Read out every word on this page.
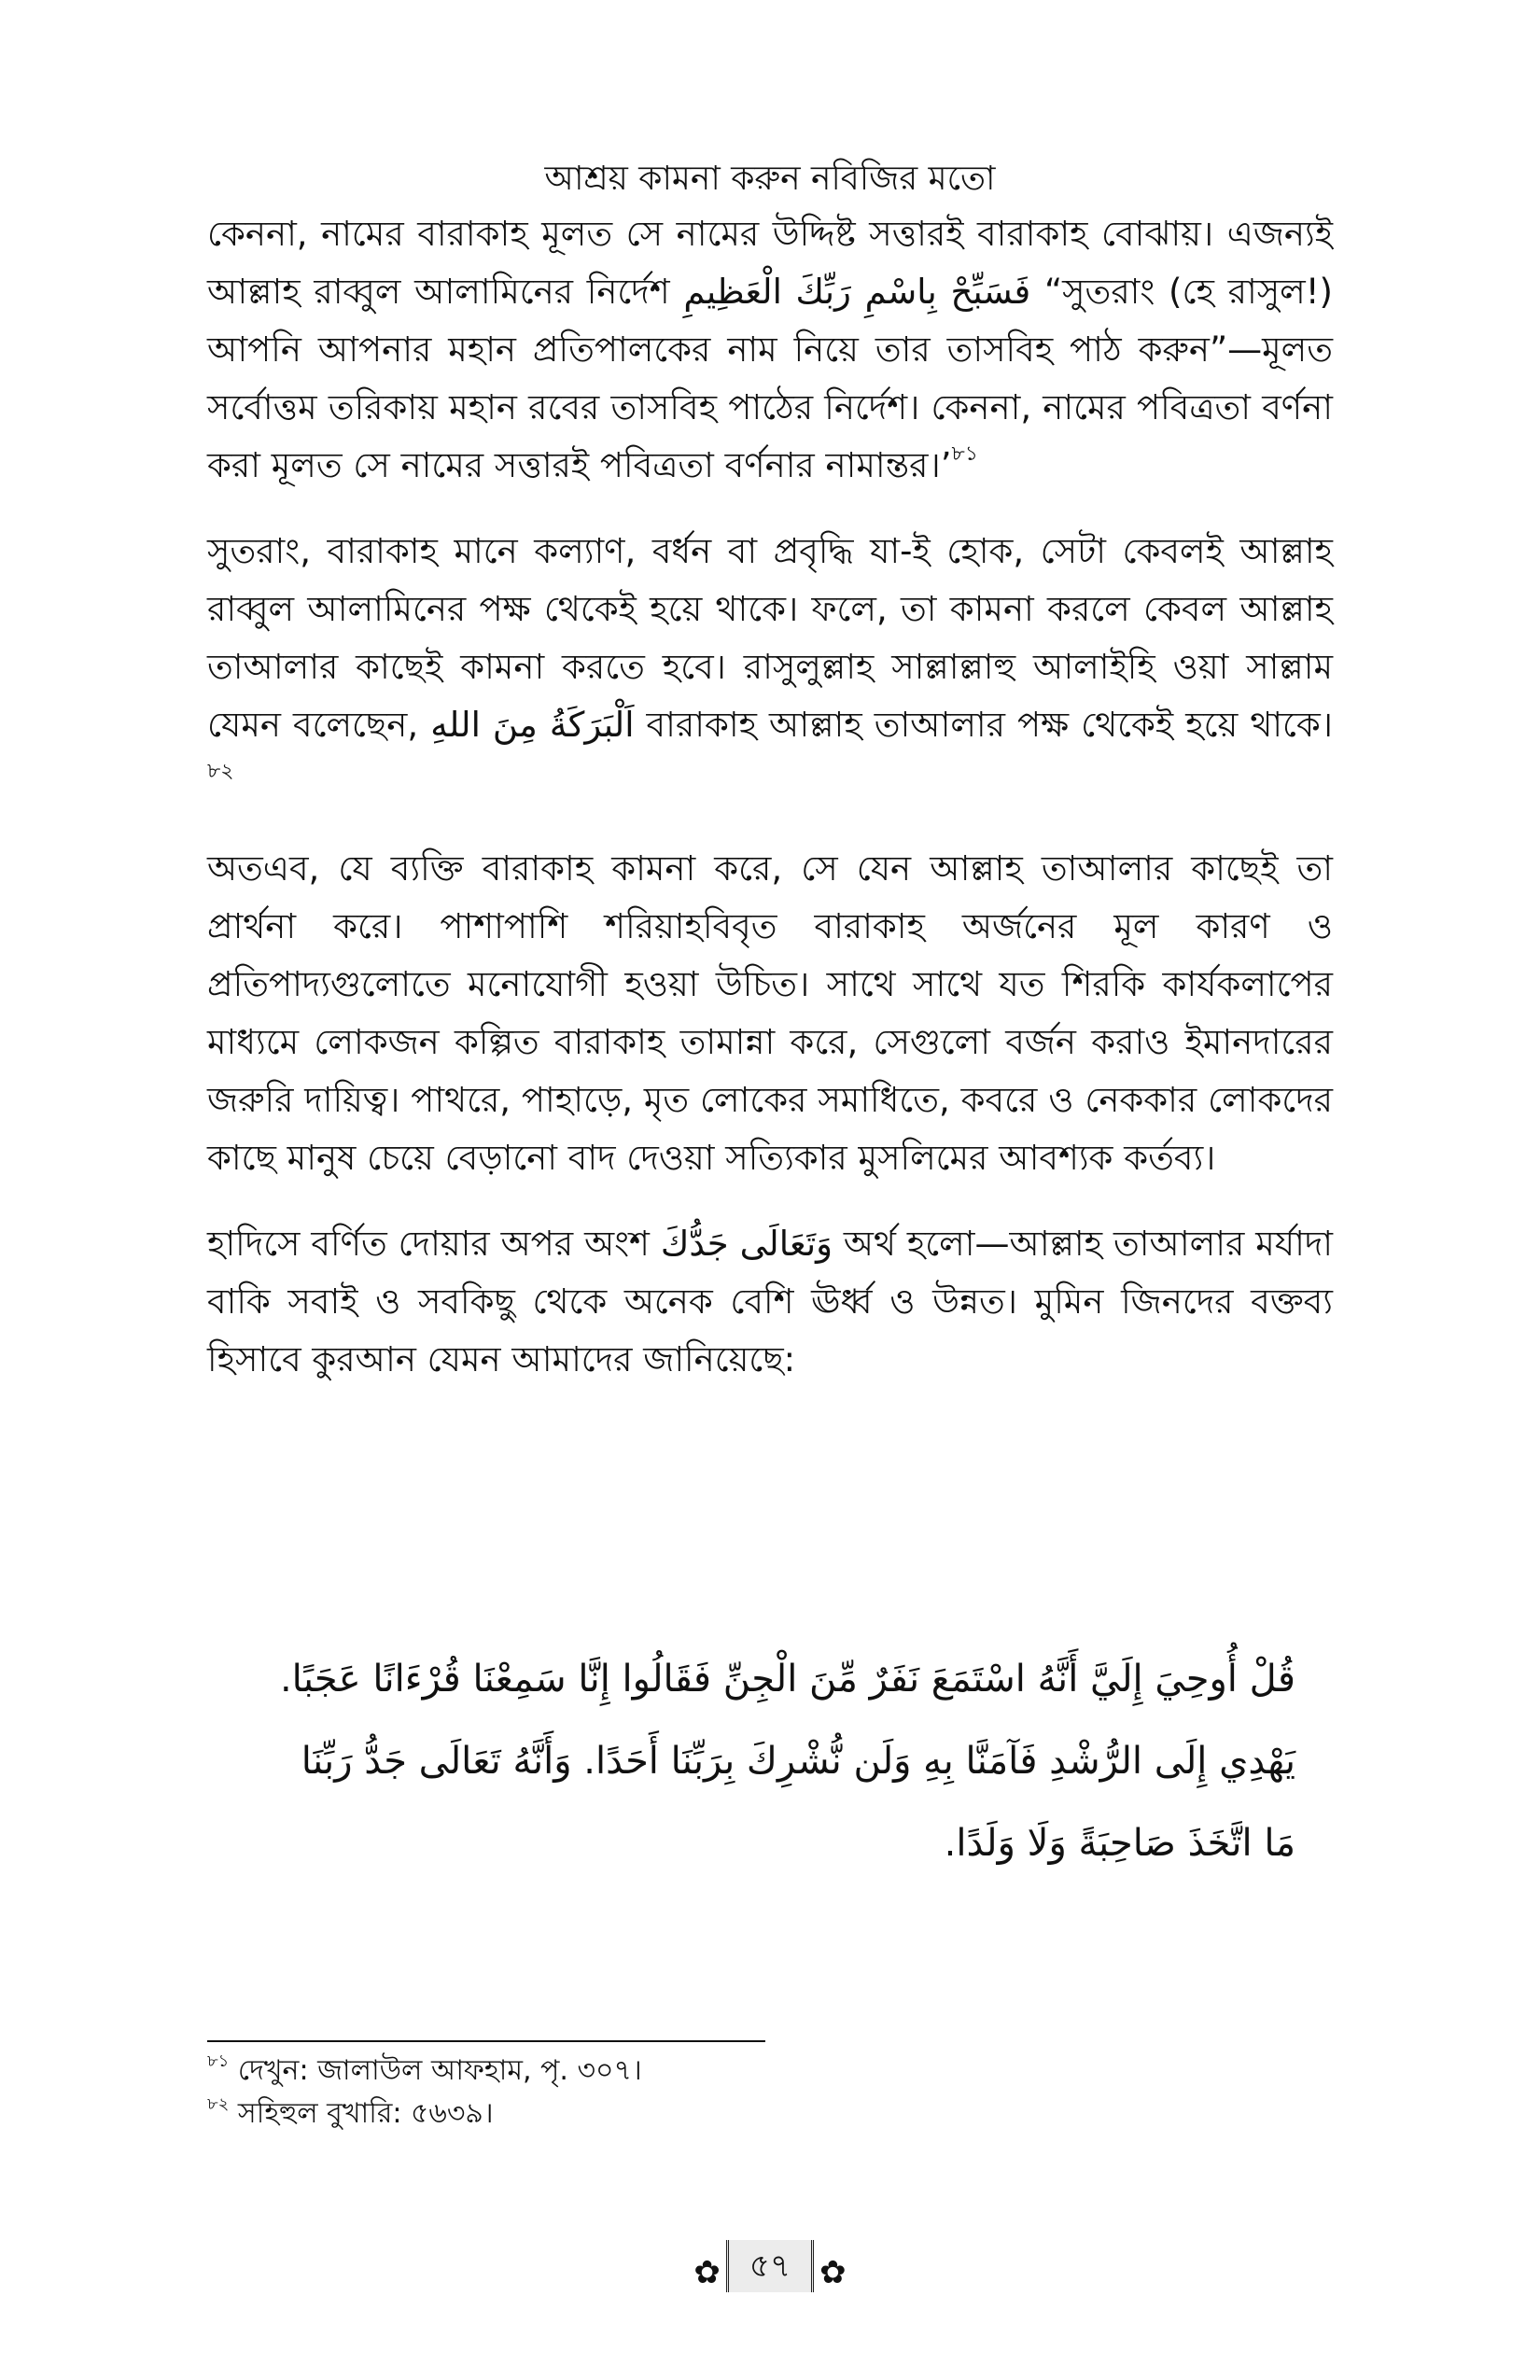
আশ্রয় কামনা করুন নবিজির মতো

কেননা, নামের বারাকাহ মূলত সে নামের উদ্দিষ্ট সত্তারই বারাকাহ বোঝায়। এজন্যই আল্লাহ রাব্বুল আলামিনের নির্দেশ فَسَبِّحْ بِاسْمِ رَبِّكَ الْعَظِيمِ “সুতরাং (হে রাসুল!) আপনি আপনার মহান প্রতিপালকের নাম নিয়ে তার তাসবিহ পাঠ করুন”—মূলত সর্বোত্তম তরিকায় মহান রবের তাসবিহ পাঠের নির্দেশ। কেননা, নামের পবিত্রতা বর্ণনা করা মূলত সে নামের সত্তারই পবিত্রতা বর্ণনার নামান্তর।’$^{৮১}$

সুতরাং, বারাকাহ মানে কল্যাণ, বর্ধন বা প্রবৃদ্ধি যা-ই হোক, সেটা কেবলই আল্লাহ রাব্বুল আলামিনের পক্ষ থেকেই হয়ে থাকে। ফলে, তা কামনা করলে কেবল আল্লাহ তাআলার কাছেই কামনা করতে হবে। রাসুলুল্লাহ সাল্লাল্লাহু আলাইহি ওয়া সাল্লাম যেমন বলেছেন, اَلْبَرَكَةُ مِنَ اللهِ বারাকাহ আল্লাহ তাআলার পক্ষ থেকেই হয়ে থাকে।$^{৮২}$

অতএব, যে ব্যক্তি বারাকাহ কামনা করে, সে যেন আল্লাহ তাআলার কাছেই তা প্রার্থনা করে। পাশাপাশি শরিয়াহবিবৃত বারাকাহ অর্জনের মূল কারণ ও প্রতিপাদ্যগুলোতে মনোযোগী হওয়া উচিত। সাথে সাথে যত শিরকি কার্যকলাপের মাধ্যমে লোকজন কল্পিত বারাকাহ তামান্না করে, সেগুলো বর্জন করাও ইমানদারের জরুরি দায়িত্ব। পাথরে, পাহাড়ে, মৃত লোকের সমাধিতে, কবরে ও নেককার লোকদের কাছে মানুষ চেয়ে বেড়ানো বাদ দেওয়া সত্যিকার মুসলিমের আবশ্যক কর্তব্য।

হাদিসে বর্ণিত দোয়ার অপর অংশ وَتَعَالَى جَدُّكَ অর্থ হলো—আল্লাহ তাআলার মর্যাদা বাকি সবাই ও সবকিছু থেকে অনেক বেশি ঊর্ধ্ব ও উন্নত। মুমিন জিনদের বক্তব্য হিসাবে কুরআন যেমন আমাদের জানিয়েছে:

قُلْ أُوحِيَ إِلَيَّ أَنَّهُ اسْتَمَعَ نَفَرٌ مِّنَ الْجِنِّ فَقَالُوا إِنَّا سَمِعْنَا قُرْءَانًا عَجَبًا.
يَهْدِي إِلَى الرُّشْدِ فَآمَنَّا بِهِ وَلَن نُّشْرِكَ بِرَبِّنَا أَحَدًا. وَأَنَّهُ تَعَالَى جَدُّ رَبِّنَا
مَا اتَّخَذَ صَاحِبَةً وَلَا وَلَدًا.
$^{৮১}$ দেখুন: জালাউল আফহাম, পৃ. ৩০৭।
$^{৮২}$ সহিহুল বুখারি: ৫৬৩৯।
✿ ৫৭ ✿
